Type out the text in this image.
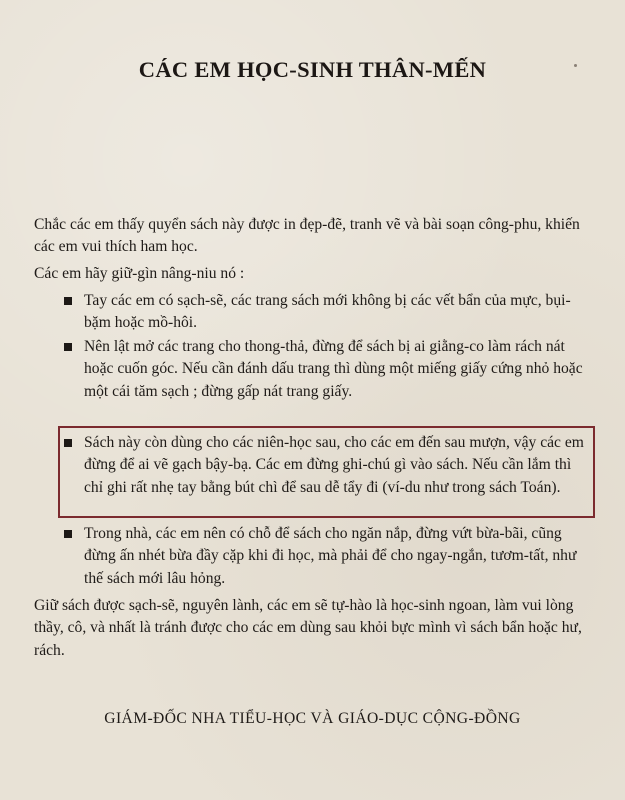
CÁC EM HỌC-SINH THÂN-MẾN

Chắc các em thấy quyển sách này được in đẹp-đẽ, tranh vẽ và bài soạn công-phu, khiến các em vui thích ham học.

Các em hãy giữ-gìn nâng-niu nó :

Tay các em có sạch-sẽ, các trang sách mới không bị các vết bẩn của mực, bụi-bặm hoặc mồ-hôi.
Nên lật mở các trang cho thong-thả, đừng để sách bị ai giằng-co làm rách nát hoặc cuốn góc. Nếu cần đánh dấu trang thì dùng một miếng giấy cứng nhỏ hoặc một cái tăm sạch ; đừng gấp nát trang giấy.
Sách này còn dùng cho các niên-học sau, cho các em đến sau mượn, vậy các em đừng để ai vẽ gạch bậy-bạ. Các em đừng ghi-chú gì vào sách. Nếu cần lắm thì chỉ ghi rất nhẹ tay bằng bút chì để sau dễ tẩy đi (ví-du như trong sách Toán).
Trong nhà, các em nên có chỗ để sách cho ngăn nắp, đừng vứt bừa-bãi, cũng đừng ấn nhét bừa đầy cặp khi đi học, mà phải để cho ngay-ngắn, tươm-tất, như thế sách mới lâu hỏng.

Giữ sách được sạch-sẽ, nguyên lành, các em sẽ tự-hào là học-sinh ngoan, làm vui lòng thầy, cô, và nhất là tránh được cho các em dùng sau khỏi bực mình vì sách bẩn hoặc hư, rách.

GIÁM-ĐỐC NHA TIỂU-HỌC VÀ GIÁO-DỤC CỘNG-ĐỒNG
